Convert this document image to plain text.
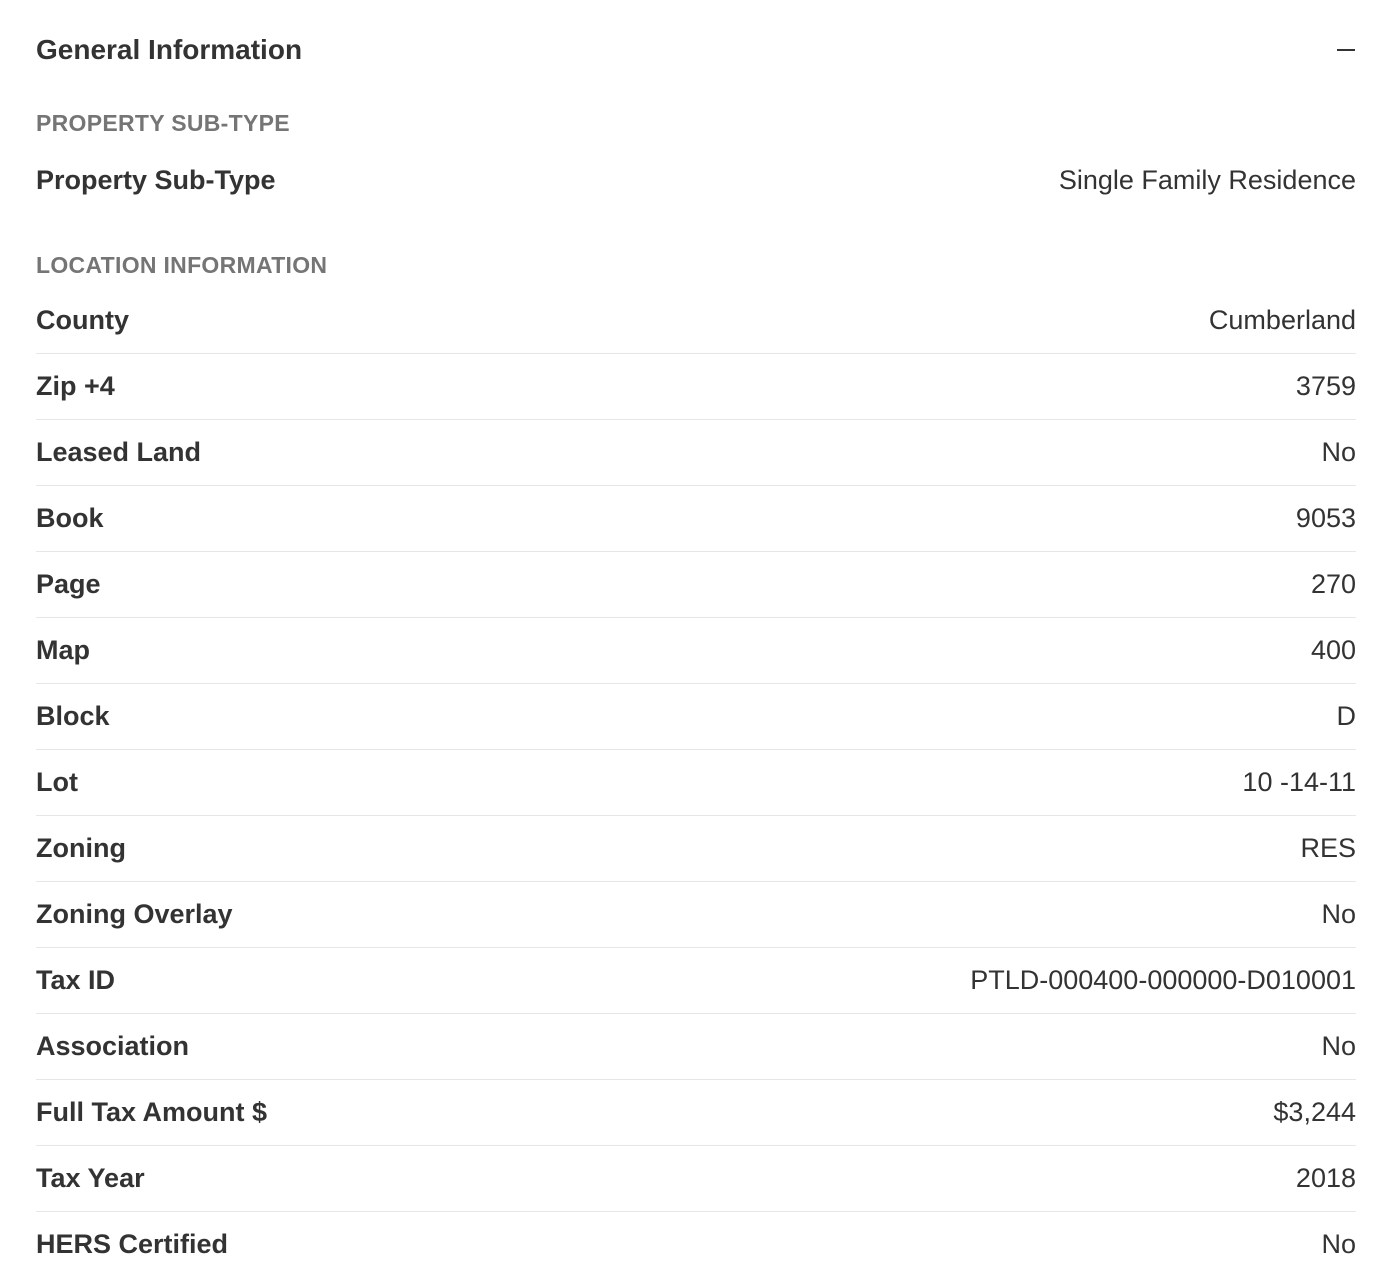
General Information
PROPERTY SUB-TYPE
Property Sub-Type	Single Family Residence
LOCATION INFORMATION
County	Cumberland
Zip +4	3759
Leased Land	No
Book	9053
Page	270
Map	400
Block	D
Lot	10 -14-11
Zoning	RES
Zoning Overlay	No
Tax ID	PTLD-000400-000000-D010001
Association	No
Full Tax Amount $	$3,244
Tax Year	2018
HERS Certified	No
